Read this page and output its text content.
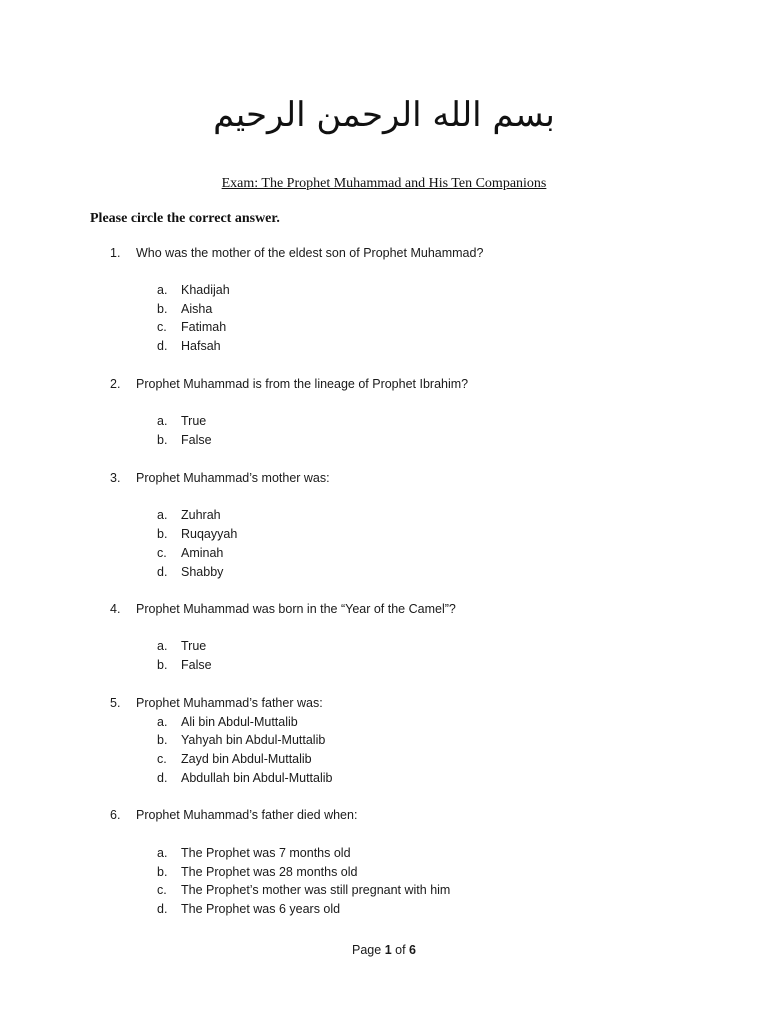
بسم الله الرحمن الرحيم
Exam: The Prophet Muhammad and His Ten Companions
Please circle the correct answer.
1. Who was the mother of the eldest son of Prophet Muhammad?
a. Khadijah
b. Aisha
c. Fatimah
d. Hafsah
2. Prophet Muhammad is from the lineage of Prophet Ibrahim?
a. True
b. False
3. Prophet Muhammad’s mother was:
a. Zuhrah
b. Ruqayyah
c. Aminah
d. Shabby
4. Prophet Muhammad was born in the “Year of the Camel”?
a. True
b. False
5. Prophet Muhammad’s father was:
a. Ali bin Abdul-Muttalib
b. Yahyah bin Abdul-Muttalib
c. Zayd bin Abdul-Muttalib
d. Abdullah bin Abdul-Muttalib
6. Prophet Muhammad’s father died when:
a. The Prophet was 7 months old
b. The Prophet was 28 months old
c. The Prophet’s mother was still pregnant with him
d. The Prophet was 6 years old
Page 1 of 6
